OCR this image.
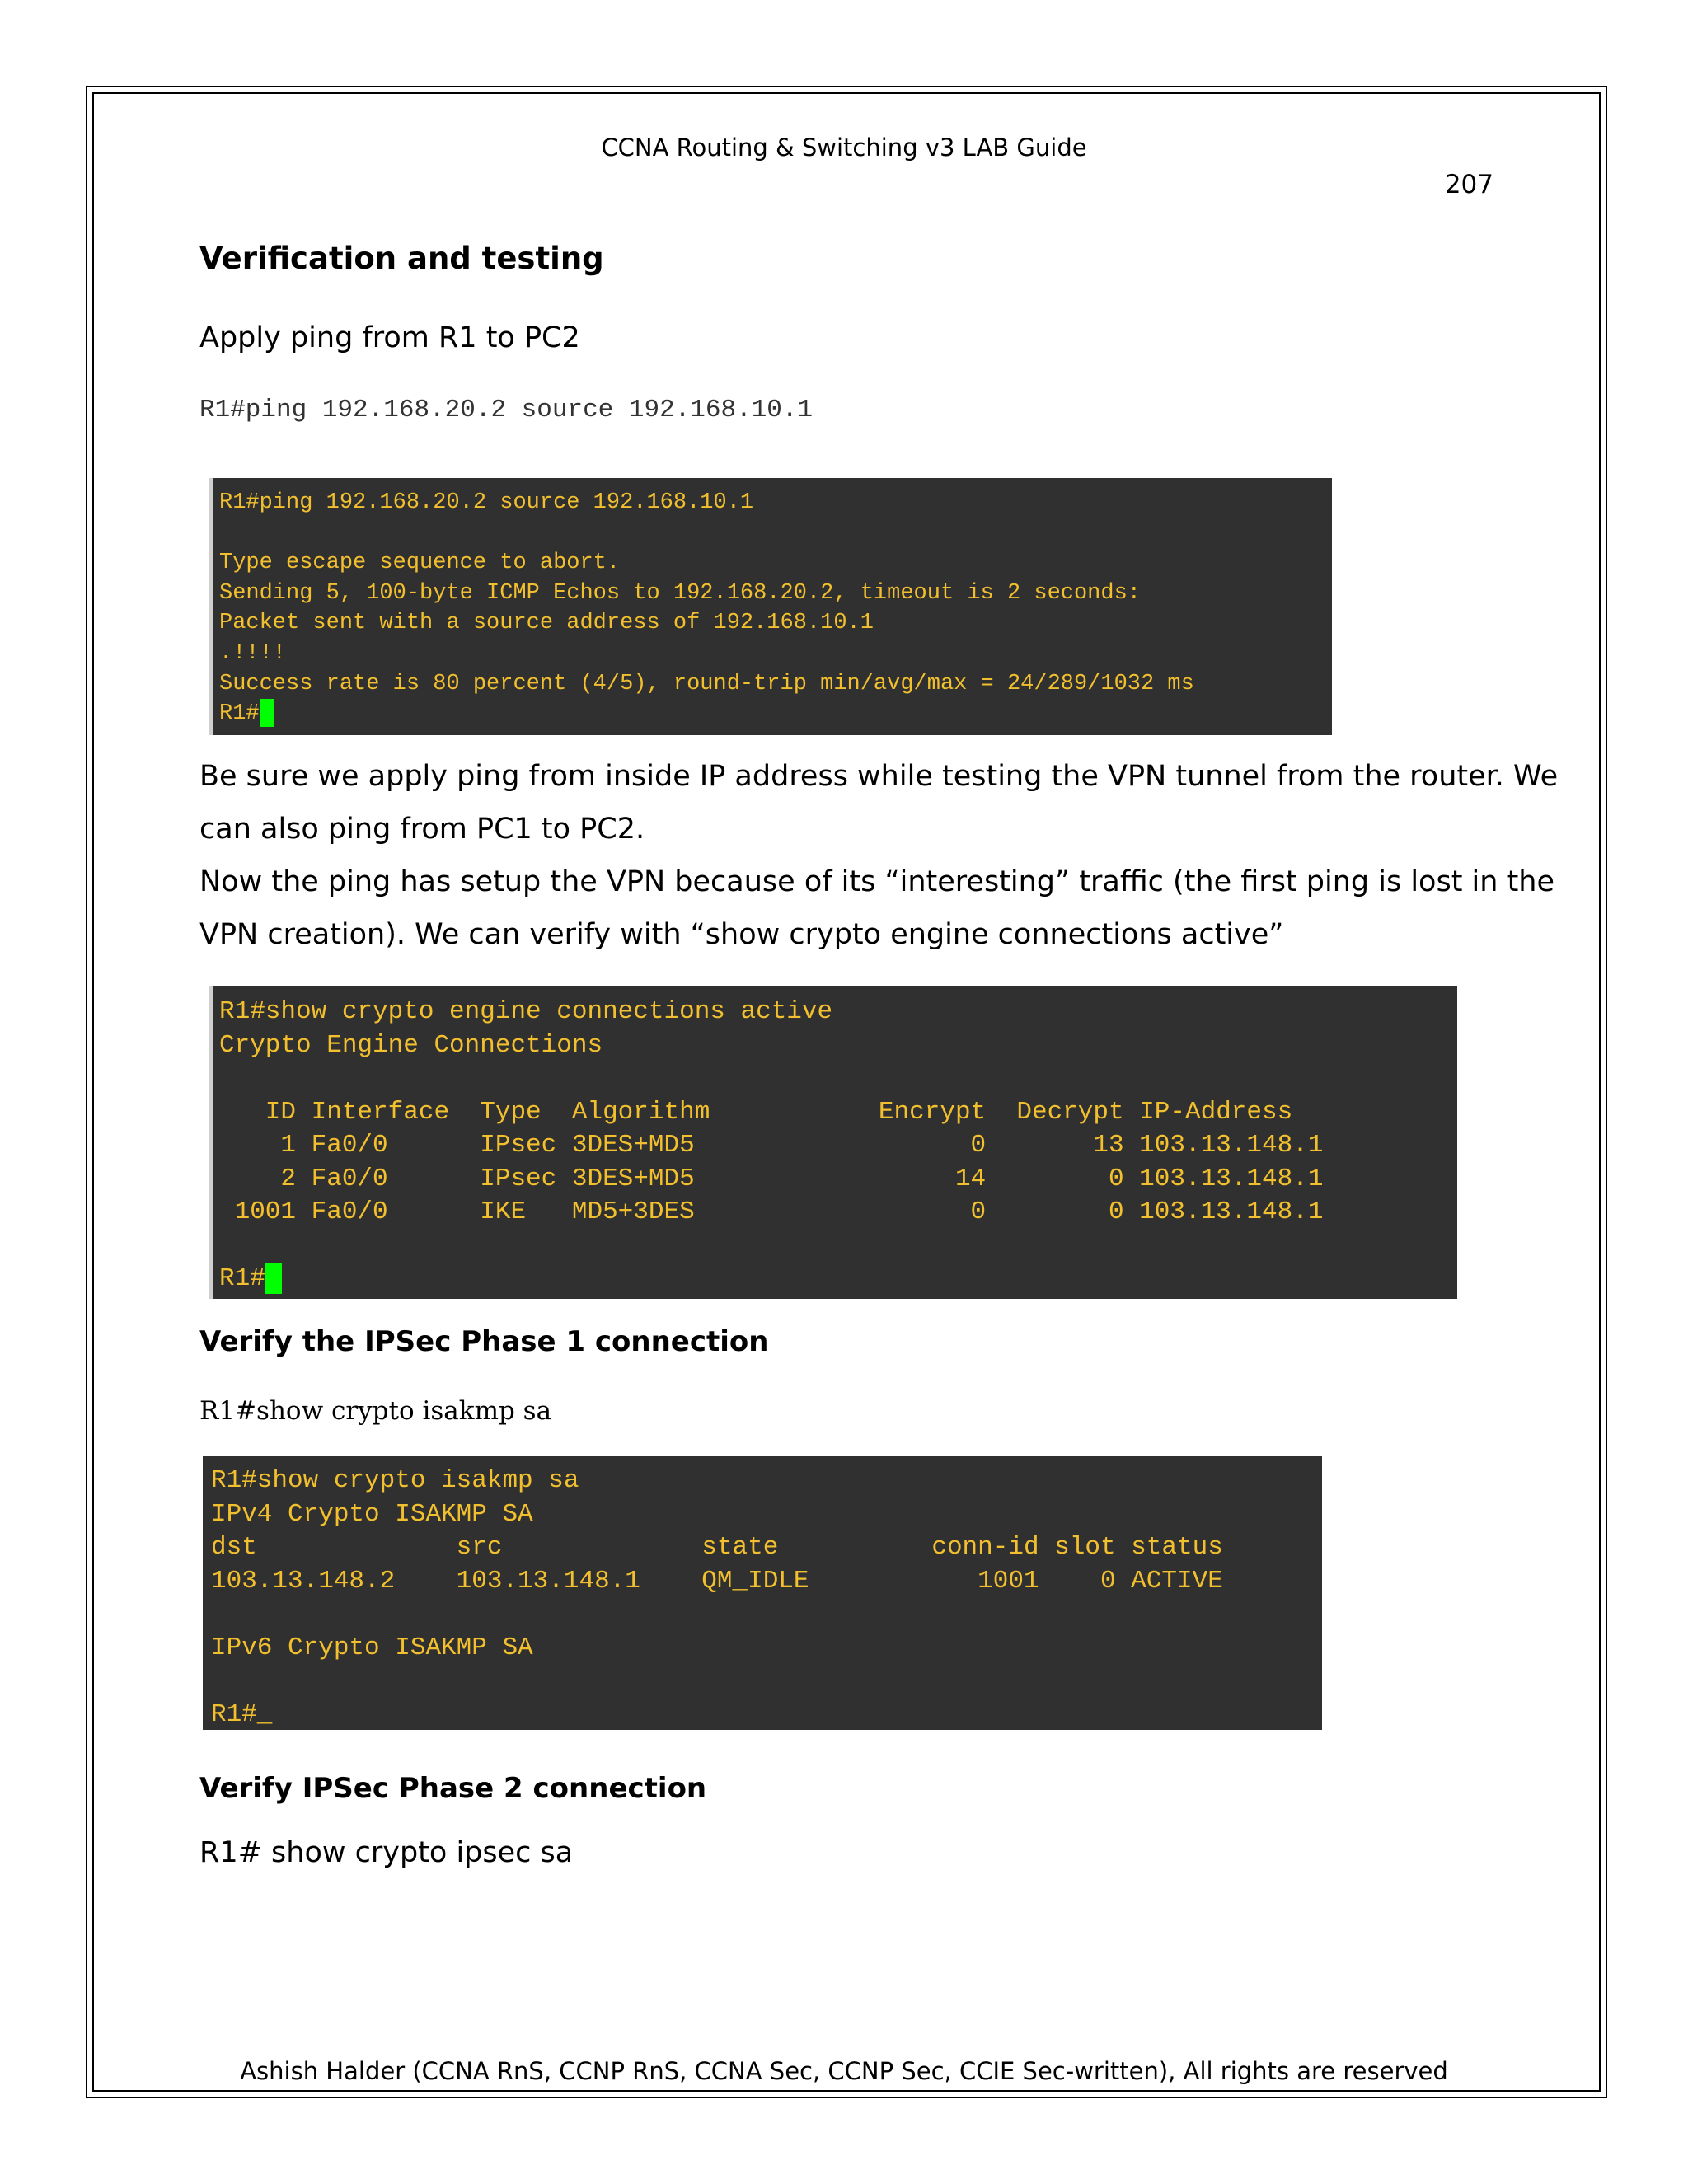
CCNA Routing & Switching v3 LAB Guide
207
Verification and testing
Apply ping from R1 to PC2
R1#ping 192.168.20.2 source 192.168.10.1
R1#ping 192.168.20.2 source 192.168.10.1

Type escape sequence to abort.
Sending 5, 100-byte ICMP Echos to 192.168.20.2, timeout is 2 seconds:
Packet sent with a source address of 192.168.10.1
.!!!!
Success rate is 80 percent (4/5), round-trip min/avg/max = 24/289/1032 ms
R1#
Be sure we apply ping from inside IP address while testing the VPN tunnel from the router. We
can also ping from PC1 to PC2.
Now the ping has setup the VPN because of its “interesting” traffic (the first ping is lost in the
VPN creation). We can verify with “show crypto engine connections active”
R1#show crypto engine connections active
Crypto Engine Connections

ID Interface  Type  Algorithm           Encrypt  Decrypt IP-Address
1 Fa0/0      IPsec 3DES+MD5                  0       13 103.13.148.1
2 Fa0/0      IPsec 3DES+MD5                 14        0 103.13.148.1
1001 Fa0/0      IKE   MD5+3DES                  0        0 103.13.148.1

R1#
Verify the IPSec Phase 1 connection
R1#show crypto isakmp sa
R1#show crypto isakmp sa
IPv4 Crypto ISAKMP SA
dst             src             state          conn-id slot status
103.13.148.2    103.13.148.1    QM_IDLE           1001    0 ACTIVE

IPv6 Crypto ISAKMP SA

R1#_
Verify IPSec Phase 2 connection
R1# show crypto ipsec sa
Ashish Halder (CCNA RnS, CCNP RnS, CCNA Sec, CCNP Sec, CCIE Sec-written), All rights are reserved
